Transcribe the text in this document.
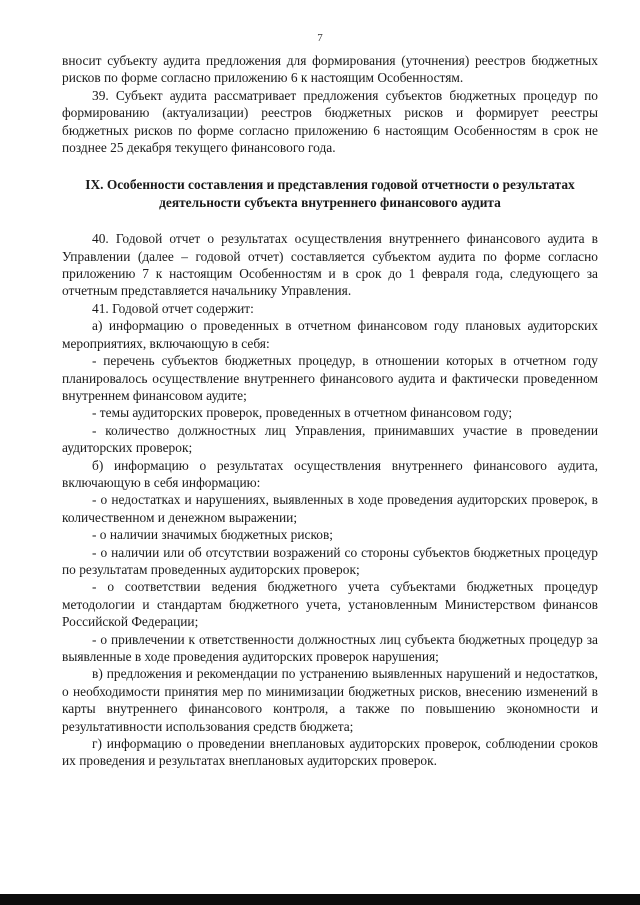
7

вносит субъекту аудита предложения для формирования (уточнения) реестров бюджетных рисков по форме согласно приложению 6 к настоящим Особенностям.

39. Субъект аудита рассматривает предложения субъектов бюджетных процедур по формированию (актуализации) реестров бюджетных рисков и формирует реестры бюджетных рисков по форме согласно приложению 6 настоящим Особенностям в срок не позднее 25 декабря текущего финансового года.

IX. Особенности составления и представления годовой отчетности о результатах деятельности субъекта внутреннего финансового аудита

40. Годовой отчет о результатах осуществления внутреннего финансового аудита в Управлении (далее – годовой отчет) составляется субъектом аудита по форме согласно приложению 7 к настоящим Особенностям и в срок до 1 февраля года, следующего за отчетным представляется начальнику Управления.

41. Годовой отчет содержит:

а) информацию о проведенных в отчетном финансовом году плановых аудиторских мероприятиях, включающую в себя:

- перечень субъектов бюджетных процедур, в отношении которых в отчетном году планировалось осуществление внутреннего финансового аудита и фактически проведенном внутреннем финансовом аудите;

- темы аудиторских проверок, проведенных в отчетном финансовом году;

- количество должностных лиц Управления, принимавших участие в проведении аудиторских проверок;

б) информацию о результатах осуществления внутреннего финансового аудита, включающую в себя информацию:

- о недостатках и нарушениях, выявленных в ходе проведения аудиторских проверок, в количественном и денежном выражении;

- о наличии значимых бюджетных рисков;

- о наличии или об отсутствии возражений со стороны субъектов бюджетных процедур по результатам проведенных аудиторских проверок;

- о соответствии ведения бюджетного учета субъектами бюджетных процедур методологии и стандартам бюджетного учета, установленным Министерством финансов Российской Федерации;

- о привлечении к ответственности должностных лиц субъекта бюджетных процедур за выявленные в ходе проведения аудиторских проверок нарушения;

в) предложения и рекомендации по устранению выявленных нарушений и недостатков, о необходимости принятия мер по минимизации бюджетных рисков, внесению изменений в карты внутреннего финансового контроля, а также по повышению экономности и результативности использования средств бюджета;

г) информацию о проведении внеплановых аудиторских проверок, соблюдении сроков их проведения и результатах внеплановых аудиторских проверок.
